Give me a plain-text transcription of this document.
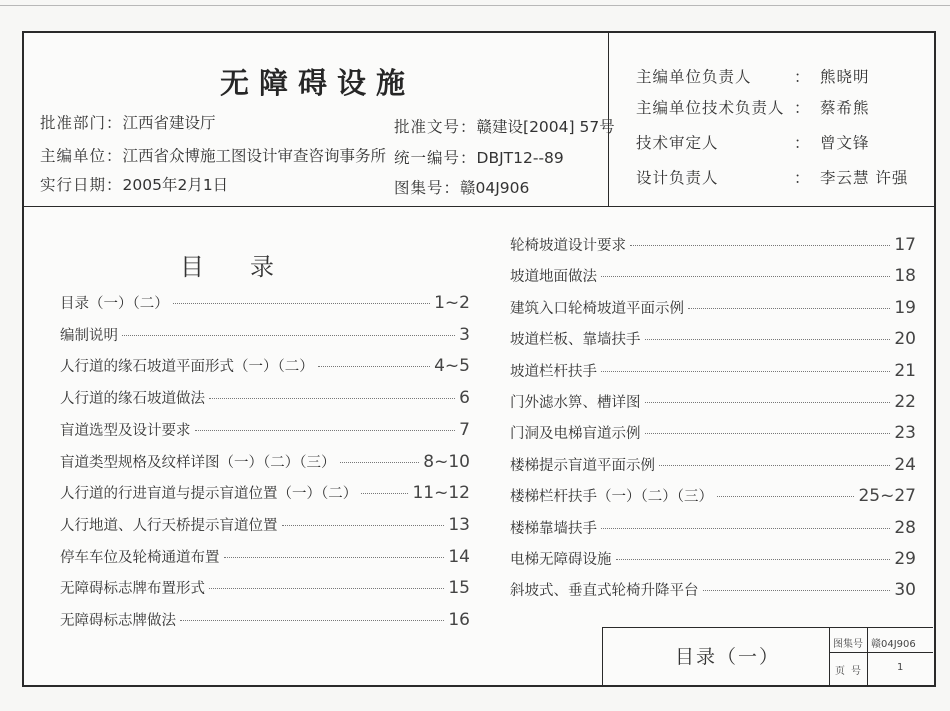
无障碍设施
批准部门：江西省建设厅
主编单位：江西省众博施工图设计审查咨询事务所
实行日期：2005年2月1日
批准文号：赣建设[2004] 57号
统一编号：DBJT12--89
图集号：赣04J906
主编单位负责人	： 熊晓明
主编单位技术负责人 ： 蔡希熊
技术审定人	： 曾文锋
设计负责人	： 李云慧 许强
目录
目录（一）（二）	1~2
编制说明	3
人行道的缘石坡道平面形式（一）（二）	4~5
人行道的缘石坡道做法	6
盲道选型及设计要求	7
盲道类型规格及纹样详图（一）（二）（三）	8~10
人行道的行进盲道与提示盲道位置（一）（二）	11~12
人行地道、人行天桥提示盲道位置	13
停车车位及轮椅通道布置	14
无障碍标志牌布置形式	15
无障碍标志牌做法	16
轮椅坡道设计要求	17
坡道地面做法	18
建筑入口轮椅坡道平面示例	19
坡道栏板、靠墙扶手	20
坡道栏杆扶手	21
门外滤水箅、槽详图	22
门洞及电梯盲道示例	23
楼梯提示盲道平面示例	24
楼梯栏杆扶手（一）（二）（三）	25~27
楼梯靠墙扶手	28
电梯无障碍设施	29
斜坡式、垂直式轮椅升降平台	30
目录（一）
图集号 赣04J906
页号	1
